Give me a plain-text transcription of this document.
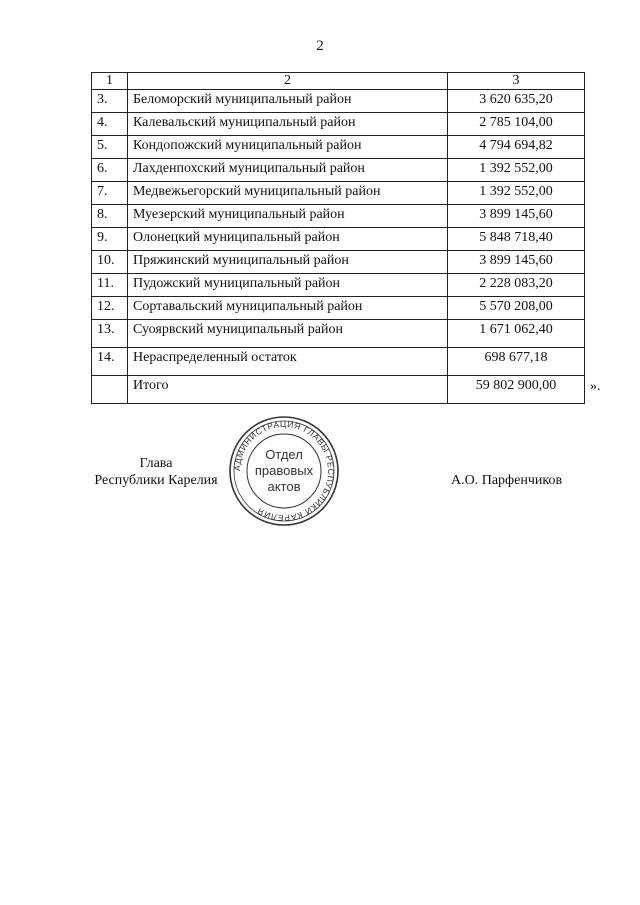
2
1	2	3
3.	Беломорский муниципальный район	3 620 635,20
4.	Калевальский муниципальный район	2 785 104,00
5.	Кондопожский муниципальный район	4 794 694,82
6.	Лахденпохский муниципальный район	1 392 552,00
7.	Медвежьегорский муниципальный район	1 392 552,00
8.	Муезерский муниципальный район	3 899 145,60
9.	Олонецкий муниципальный район	5 848 718,40
10.	Пряжинский муниципальный район	3 899 145,60
11.	Пудожский муниципальный район	2 228 083,20
12.	Сортавальский муниципальный район	5 570 208,00
13.	Суоярвский муниципальный район	1 671 062,40
14.	Нераспределенный остаток	698 677,18
	Итого	59 802 900,00 ».
Глава
Республики Карелия
АДМИНИСТРАЦИЯ ГЛАВЫ РЕСПУБЛИКИ КАРЕЛИЯ
Отдел
правовых
актов	А.О. Парфенчиков
